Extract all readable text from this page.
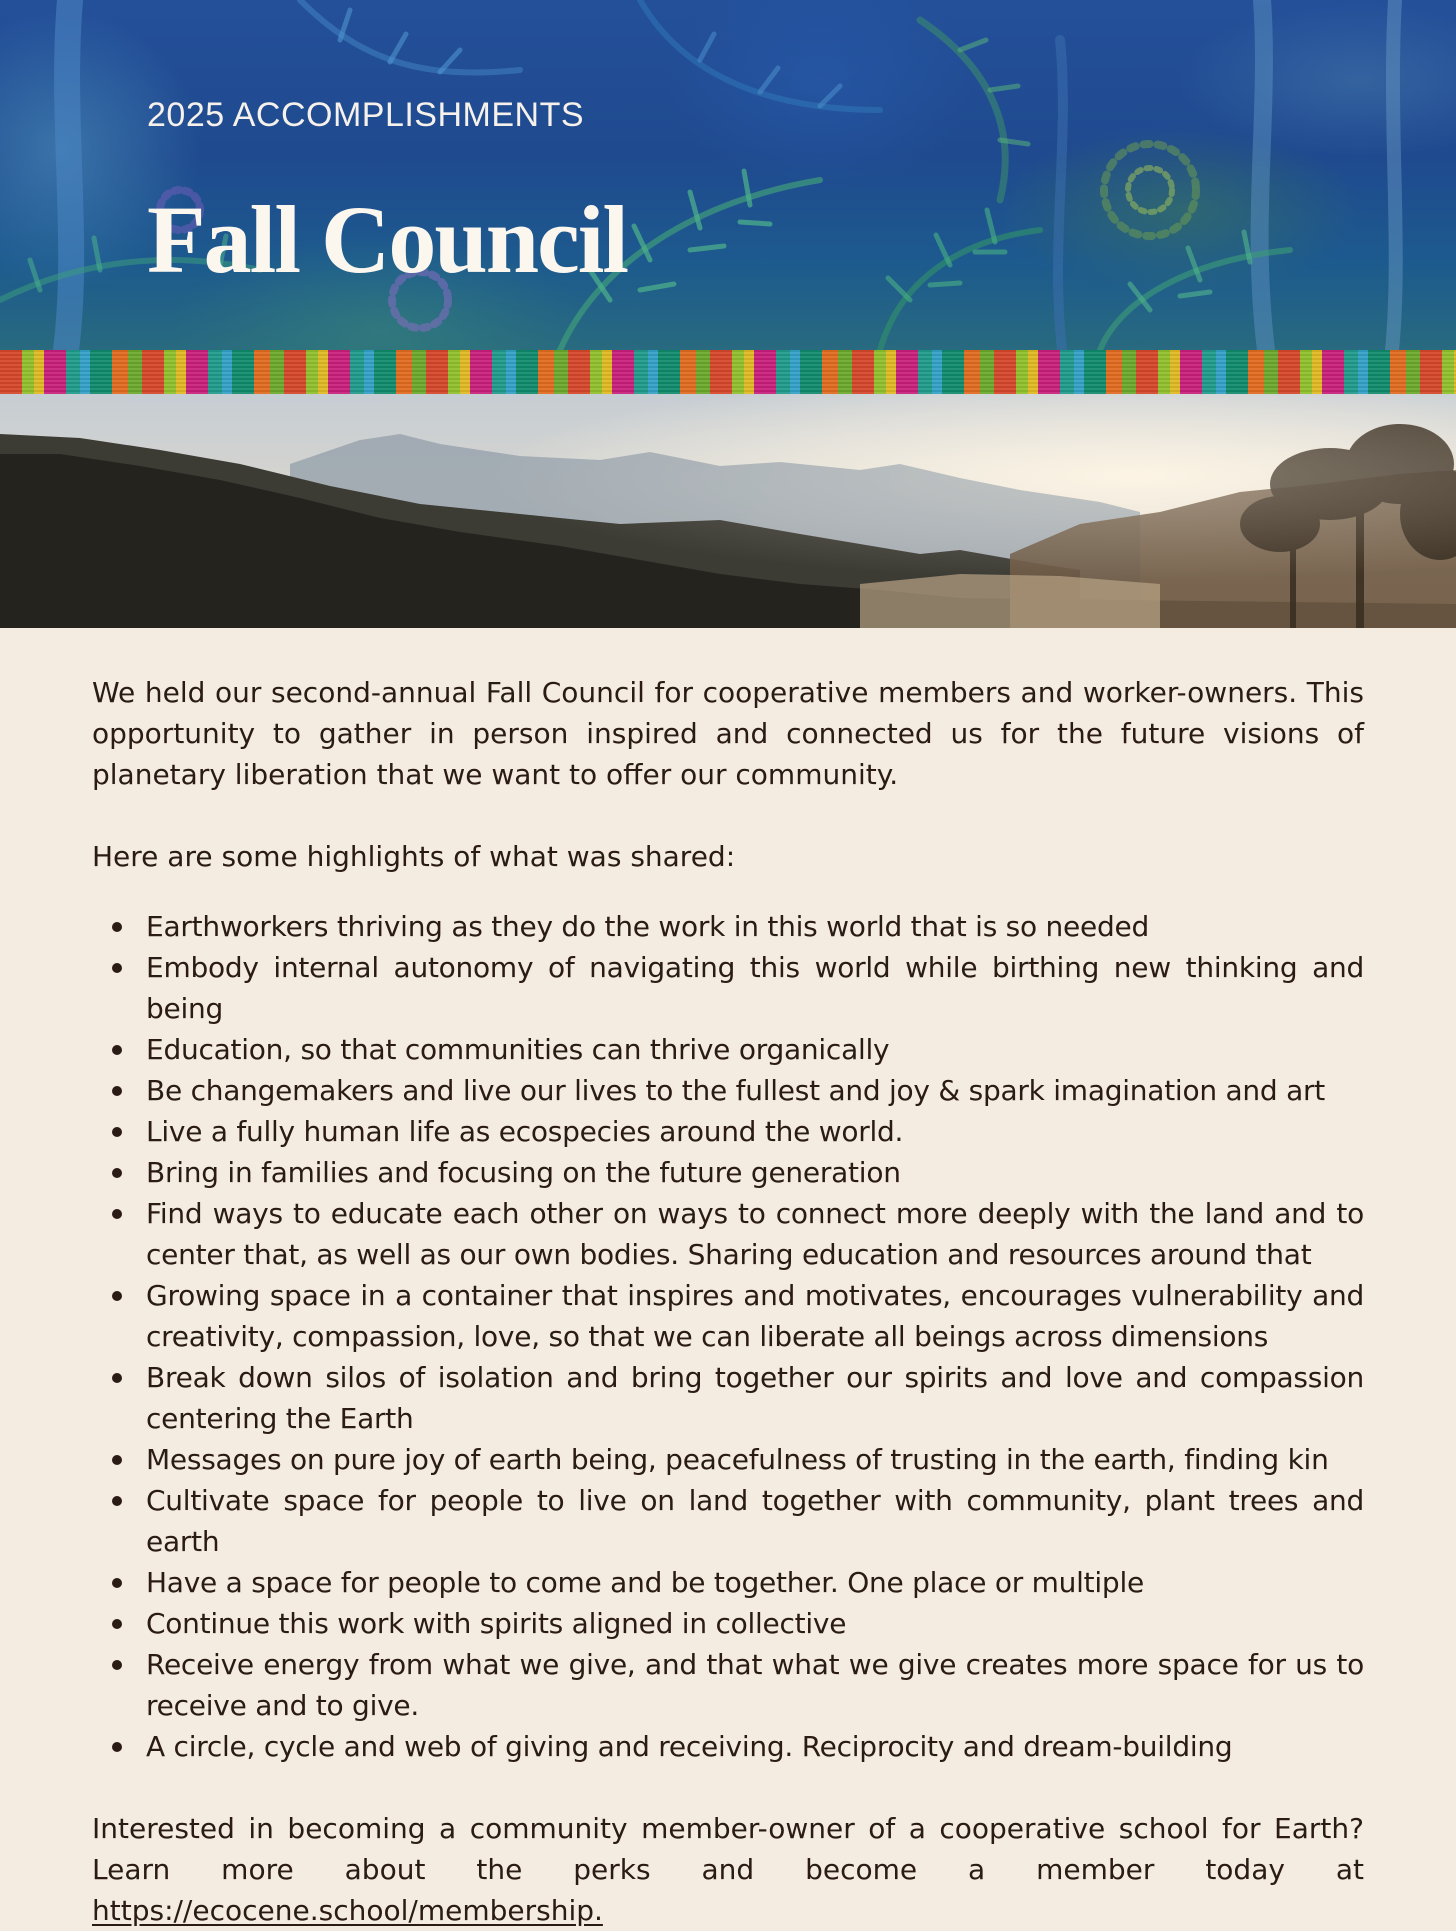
2025 ACCOMPLISHMENTS
Fall Council

We held our second-annual Fall Council for cooperative members and worker-owners. This opportunity to gather in person inspired and connected us for the future visions of planetary liberation that we want to offer our community.

Here are some highlights of what was shared:

Earthworkers thriving as they do the work in this world that is so needed
Embody internal autonomy of navigating this world while birthing new thinking and being
Education, so that communities can thrive organically
Be changemakers and live our lives to the fullest and joy & spark imagination and art
Live a fully human life as ecospecies around the world.
Bring in families and focusing on the future generation
Find ways to educate each other on ways to connect more deeply with the land and to center that, as well as our own bodies. Sharing education and resources around that
Growing space in a container that inspires and motivates, encourages vulnerability and creativity, compassion, love, so that we can liberate all beings across dimensions
Break down silos of isolation and bring together our spirits and love and compassion centering the Earth
Messages on pure joy of earth being, peacefulness of trusting in the earth, finding kin
Cultivate space for people to live on land together with community, plant trees and earth
Have a space for people to come and be together. One place or multiple
Continue this work with spirits aligned in collective
Receive energy from what we give, and that what we give creates more space for us to receive and to give.
A circle, cycle and web of giving and receiving. Reciprocity and dream-building

Interested in becoming a community member-owner of a cooperative school for Earth? Learn more about the perks and become a member today at https://ecocene.school/membership.
